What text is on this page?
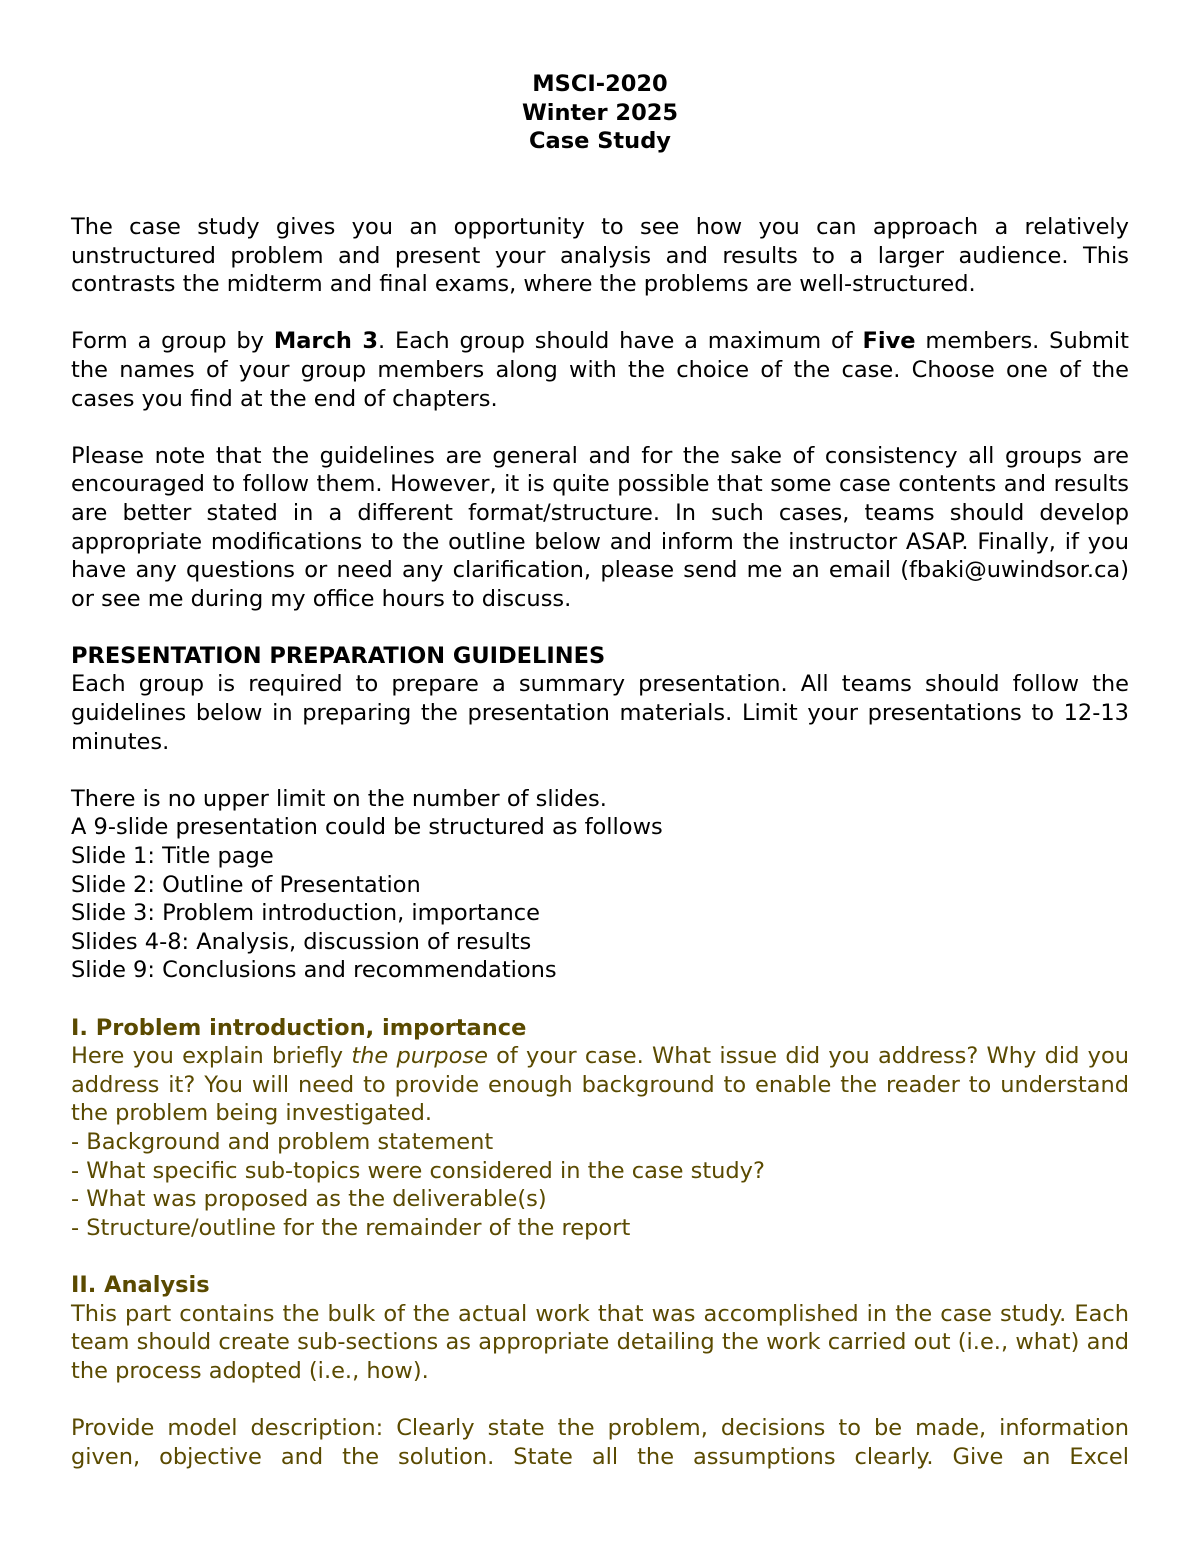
MSCI-2020
Winter 2025
Case Study

The case study gives you an opportunity to see how you can approach a relatively unstructured problem and present your analysis and results to a larger audience. This contrasts the midterm and final exams, where the problems are well-structured.

Form a group by March 3. Each group should have a maximum of Five members. Submit the names of your group members along with the choice of the case. Choose one of the cases you find at the end of chapters.

Please note that the guidelines are general and for the sake of consistency all groups are encouraged to follow them. However, it is quite possible that some case contents and results are better stated in a different format/structure. In such cases, teams should develop appropriate modifications to the outline below and inform the instructor ASAP. Finally, if you have any questions or need any clarification, please send me an email (fbaki@uwindsor.ca) or see me during my office hours to discuss.

PRESENTATION PREPARATION GUIDELINES

Each group is required to prepare a summary presentation. All teams should follow the guidelines below in preparing the presentation materials. Limit your presentations to 12-13 minutes.

There is no upper limit on the number of slides.
A 9-slide presentation could be structured as follows
Slide 1: Title page
Slide 2: Outline of Presentation
Slide 3: Problem introduction, importance
Slides 4-8: Analysis, discussion of results
Slide 9: Conclusions and recommendations
I. Problem introduction, importance

Here you explain briefly the purpose of your case. What issue did you address? Why did you address it? You will need to provide enough background to enable the reader to understand the problem being investigated.

- Background and problem statement
- What specific sub-topics were considered in the case study?
- What was proposed as the deliverable(s)
- Structure/outline for the remainder of the report
II. Analysis

This part contains the bulk of the actual work that was accomplished in the case study. Each team should create sub-sections as appropriate detailing the work carried out (i.e., what) and the process adopted (i.e., how).

Provide model description: Clearly state the problem, decisions to be made, information given, objective and the solution. State all the assumptions clearly. Give an Excel
